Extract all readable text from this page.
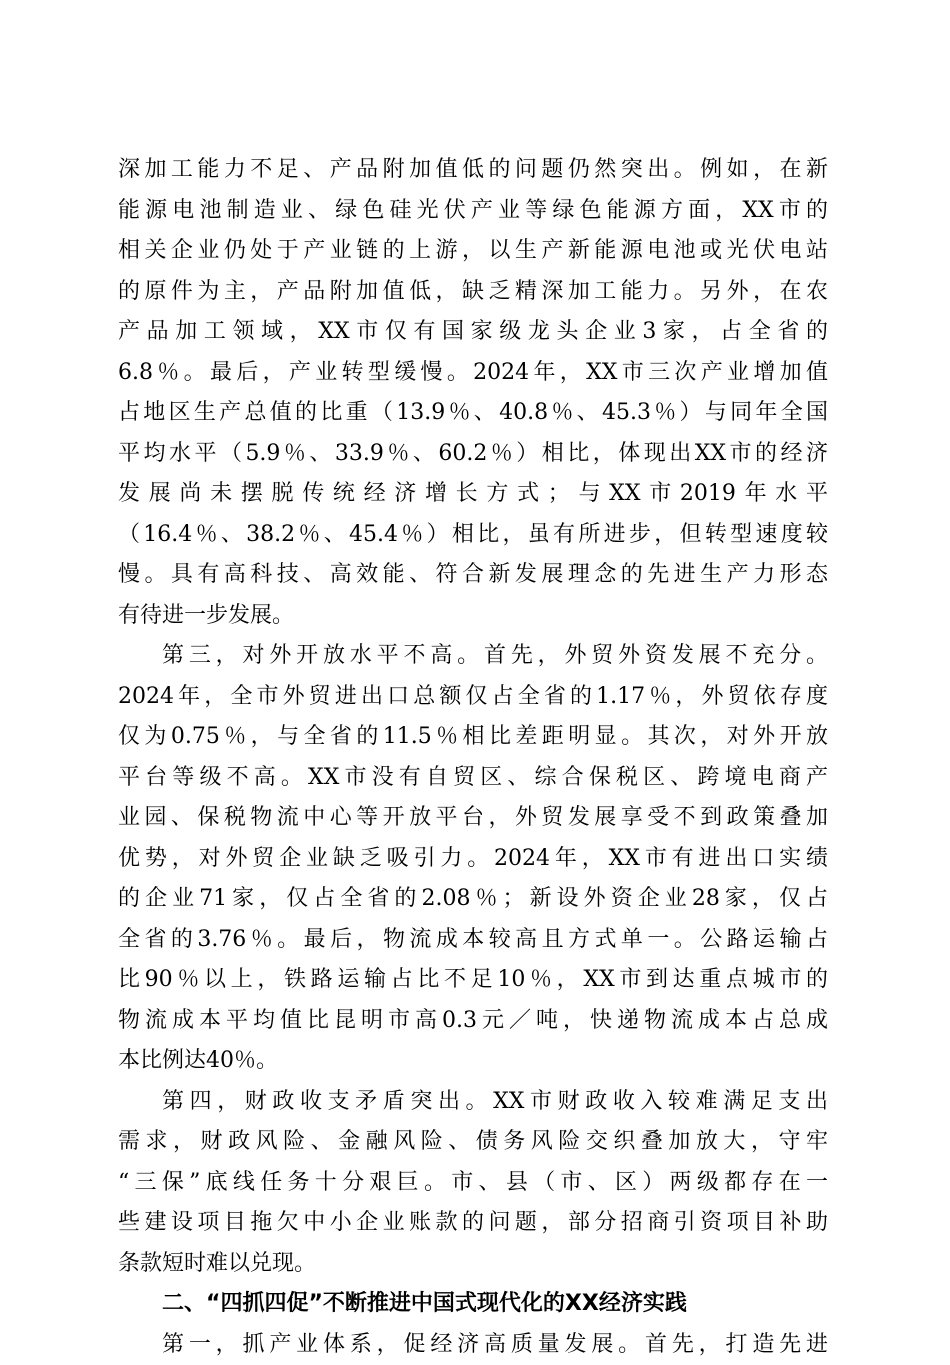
深加工能力不足、产品附加值低的问题仍然突出。例如，在新
能源电池制造业、绿色硅光伏产业等绿色能源方面，XX市的
相关企业仍处于产业链的上游，以生产新能源电池或光伏电站
的原件为主，产品附加值低，缺乏精深加工能力。另外，在农
产品加工领域，XX市仅有国家级龙头企业3家，占全省的
6.8％。最后，产业转型缓慢。2024年，XX市三次产业增加值
占地区生产总值的比重（13.9％、40.8％、45.3％）与同年全国
平均水平（5.9％、33.9％、60.2％）相比，体现出XX市的经济
发展尚未摆脱传统经济增长方式；与XX市2019年水平
（16.4％、38.2％、45.4％）相比，虽有所进步，但转型速度较
慢。具有高科技、高效能、符合新发展理念的先进生产力形态
有待进一步发展。
第三，对外开放水平不高。首先，外贸外资发展不充分。
2024年，全市外贸进出口总额仅占全省的1.17％，外贸依存度
仅为0.75％，与全省的11.5％相比差距明显。其次，对外开放
平台等级不高。XX市没有自贸区、综合保税区、跨境电商产
业园、保税物流中心等开放平台，外贸发展享受不到政策叠加
优势，对外贸企业缺乏吸引力。2024年，XX市有进出口实绩
的企业71家，仅占全省的2.08％；新设外资企业28家，仅占
全省的3.76％。最后，物流成本较高且方式单一。公路运输占
比90％以上，铁路运输占比不足10％，XX市到达重点城市的
物流成本平均值比昆明市高0.3元／吨，快递物流成本占总成
本比例达40％。
第四，财政收支矛盾突出。XX市财政收入较难满足支出
需求，财政风险、金融风险、债务风险交织叠加放大，守牢
“三保”底线任务十分艰巨。市、县（市、区）两级都存在一
些建设项目拖欠中小企业账款的问题，部分招商引资项目补助
条款短时难以兑现。
二、“四抓四促”不断推进中国式现代化的XX经济实践
第一，抓产业体系，促经济高质量发展。首先，打造先进
